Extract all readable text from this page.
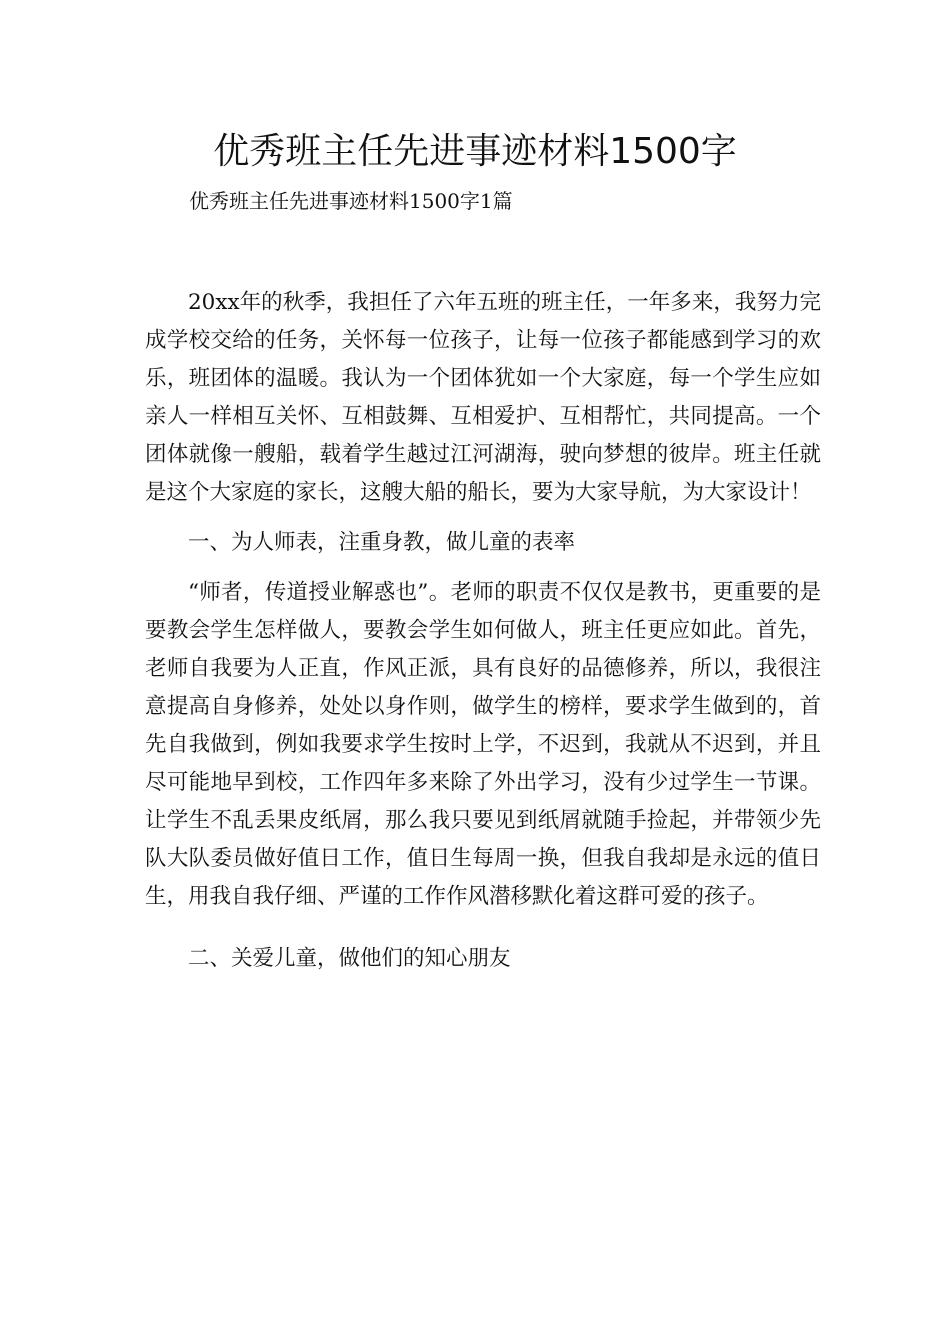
优秀班主任先进事迹材料1500字
优秀班主任先进事迹材料1500字1篇

20xx年的秋季，我担任了六年五班的班主任，一年多来，我努力完成学校交给的任务，关怀每一位孩子，让每一位孩子都能感到学习的欢乐，班团体的温暖。我认为一个团体犹如一个大家庭，每一个学生应如亲人一样相互关怀、互相鼓舞、互相爱护、互相帮忙，共同提高。一个团体就像一艘船，载着学生越过江河湖海，驶向梦想的彼岸。班主任就是这个大家庭的家长，这艘大船的船长，要为大家导航，为大家设计！

一、为人师表，注重身教，做儿童的表率

“师者，传道授业解惑也”。老师的职责不仅仅是教书，更重要的是要教会学生怎样做人，要教会学生如何做人，班主任更应如此。首先，老师自我要为人正直，作风正派，具有良好的品德修养，所以，我很注意提高自身修养，处处以身作则，做学生的榜样，要求学生做到的，首先自我做到，例如我要求学生按时上学，不迟到，我就从不迟到，并且尽可能地早到校，工作四年多来除了外出学习，没有少过学生一节课。让学生不乱丢果皮纸屑，那么我只要见到纸屑就随手捡起，并带领少先队大队委员做好值日工作，值日生每周一换，但我自我却是永远的值日生，用我自我仔细、严谨的工作作风潜移默化着这群可爱的孩子。

二、关爱儿童，做他们的知心朋友
